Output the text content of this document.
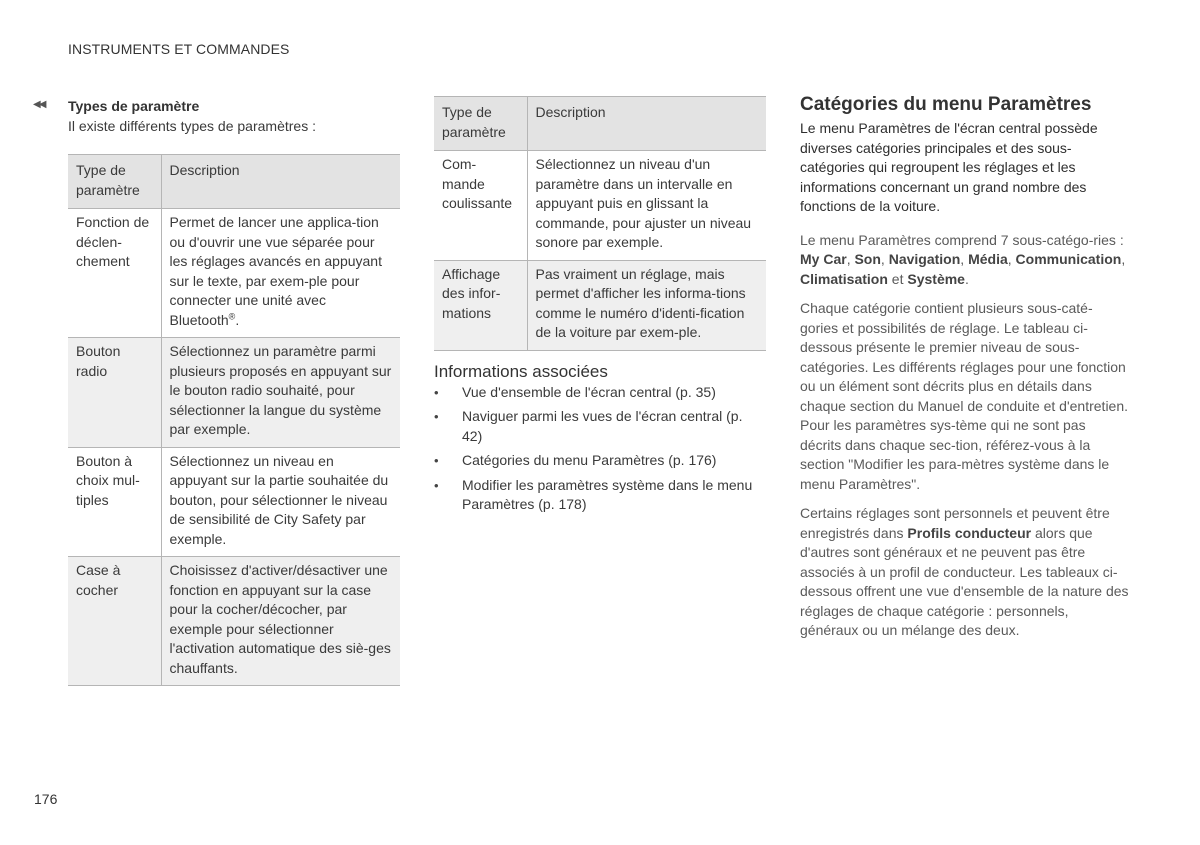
INSTRUMENTS ET COMMANDES
◀◀ Types de paramètre
Il existe différents types de paramètres :
Type de paramètre	Description
Fonction de déclen-chement	Permet de lancer une applica-tion ou d'ouvrir une vue séparée pour les réglages avancés en appuyant sur le texte, par exem-ple pour connecter une unité avec Bluetooth®.
Bouton radio	Sélectionnez un paramètre parmi plusieurs proposés en appuyant sur le bouton radio souhaité, pour sélectionner la langue du système par exemple.
Bouton à choix mul-tiples	Sélectionnez un niveau en appuyant sur la partie souhaitée du bouton, pour sélectionner le niveau de sensibilité de City Safety par exemple.
Case à cocher	Choisissez d'activer/désactiver une fonction en appuyant sur la case pour la cocher/décocher, par exemple pour sélectionner l'activation automatique des siè-ges chauffants.
Type de paramètre	Description
Com-mande coulissante	Sélectionnez un niveau d'un paramètre dans un intervalle en appuyant puis en glissant la commande, pour ajuster un niveau sonore par exemple.
Affichage des infor-mations	Pas vraiment un réglage, mais permet d'afficher les informa-tions comme le numéro d'identi-fication de la voiture par exem-ple.
Informations associées
• Vue d'ensemble de l'écran central (p. 35)
• Naviguer parmi les vues de l'écran central (p. 42)
• Catégories du menu Paramètres (p. 176)
• Modifier les paramètres système dans le menu Paramètres (p. 178)
Catégories du menu Paramètres

Le menu Paramètres de l'écran central possède diverses catégories principales et des sous-catégories qui regroupent les réglages et les informations concernant un grand nombre des fonctions de la voiture.

Le menu Paramètres comprend 7 sous-catégo-ries : My Car, Son, Navigation, Média, Communication, Climatisation et Système.

Chaque catégorie contient plusieurs sous-caté-gories et possibilités de réglage. Le tableau ci-dessous présente le premier niveau de sous-catégories. Les différents réglages pour une fonction ou un élément sont décrits plus en détails dans chaque section du Manuel de conduite et d'entretien. Pour les paramètres sys-tème qui ne sont pas décrits dans chaque sec-tion, référez-vous à la section "Modifier les para-mètres système dans le menu Paramètres".

Certains réglages sont personnels et peuvent être enregistrés dans Profils conducteur alors que d'autres sont généraux et ne peuvent pas être associés à un profil de conducteur. Les tableaux ci-dessous offrent une vue d'ensemble de la nature des réglages de chaque catégorie : personnels, généraux ou un mélange des deux.

176
